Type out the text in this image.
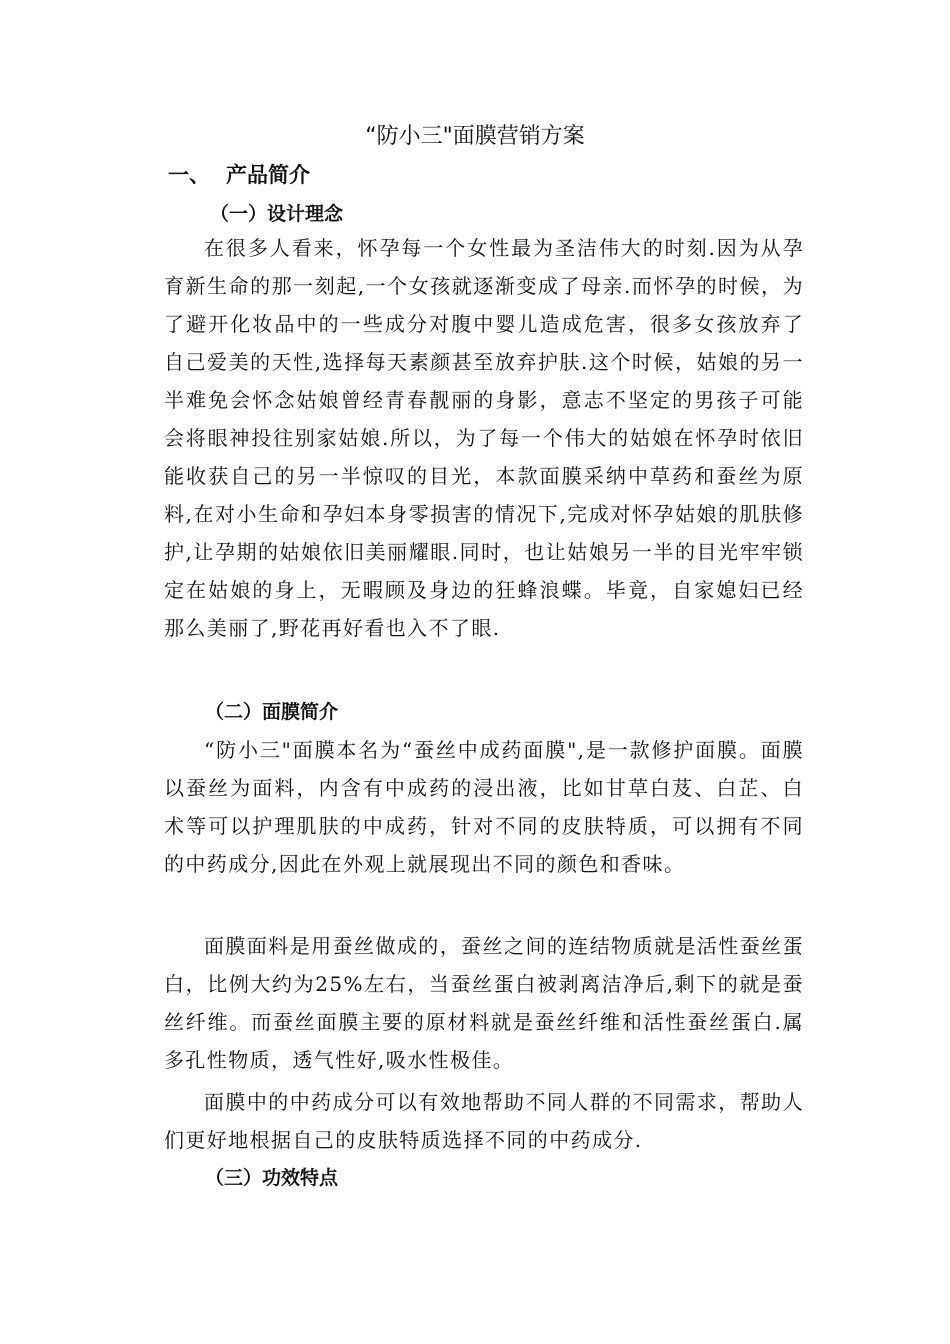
“防小三"面膜营销方案
一、 产品简介
（一）设计理念

在很多人看来，怀孕每一个女性最为圣洁伟大的时刻.因为从孕育新生命的那一刻起,一个女孩就逐渐变成了母亲.而怀孕的时候，为了避开化妆品中的一些成分对腹中婴儿造成危害，很多女孩放弃了自己爱美的天性,选择每天素颜甚至放弃护肤.这个时候，姑娘的另一半难免会怀念姑娘曾经青春靓丽的身影，意志不坚定的男孩子可能会将眼神投往别家姑娘.所以，为了每一个伟大的姑娘在怀孕时依旧能收获自己的另一半惊叹的目光，本款面膜采纳中草药和蚕丝为原料,在对小生命和孕妇本身零损害的情况下,完成对怀孕姑娘的肌肤修护,让孕期的姑娘依旧美丽耀眼.同时，也让姑娘另一半的目光牢牢锁定在姑娘的身上，无暇顾及身边的狂蜂浪蝶。毕竟，自家媳妇已经那么美丽了,野花再好看也入不了眼.

（二）面膜简介

“防小三"面膜本名为“蚕丝中成药面膜",是一款修护面膜。面膜以蚕丝为面料，内含有中成药的浸出液，比如甘草白芨、白芷、白术等可以护理肌肤的中成药，针对不同的皮肤特质，可以拥有不同的中药成分,因此在外观上就展现出不同的颜色和香味。

面膜面料是用蚕丝做成的，蚕丝之间的连结物质就是活性蚕丝蛋白，比例大约为25%左右，当蚕丝蛋白被剥离洁净后,剩下的就是蚕丝纤维。而蚕丝面膜主要的原材料就是蚕丝纤维和活性蚕丝蛋白.属多孔性物质，透气性好,吸水性极佳。

面膜中的中药成分可以有效地帮助不同人群的不同需求，帮助人们更好地根据自己的皮肤特质选择不同的中药成分.

（三）功效特点
